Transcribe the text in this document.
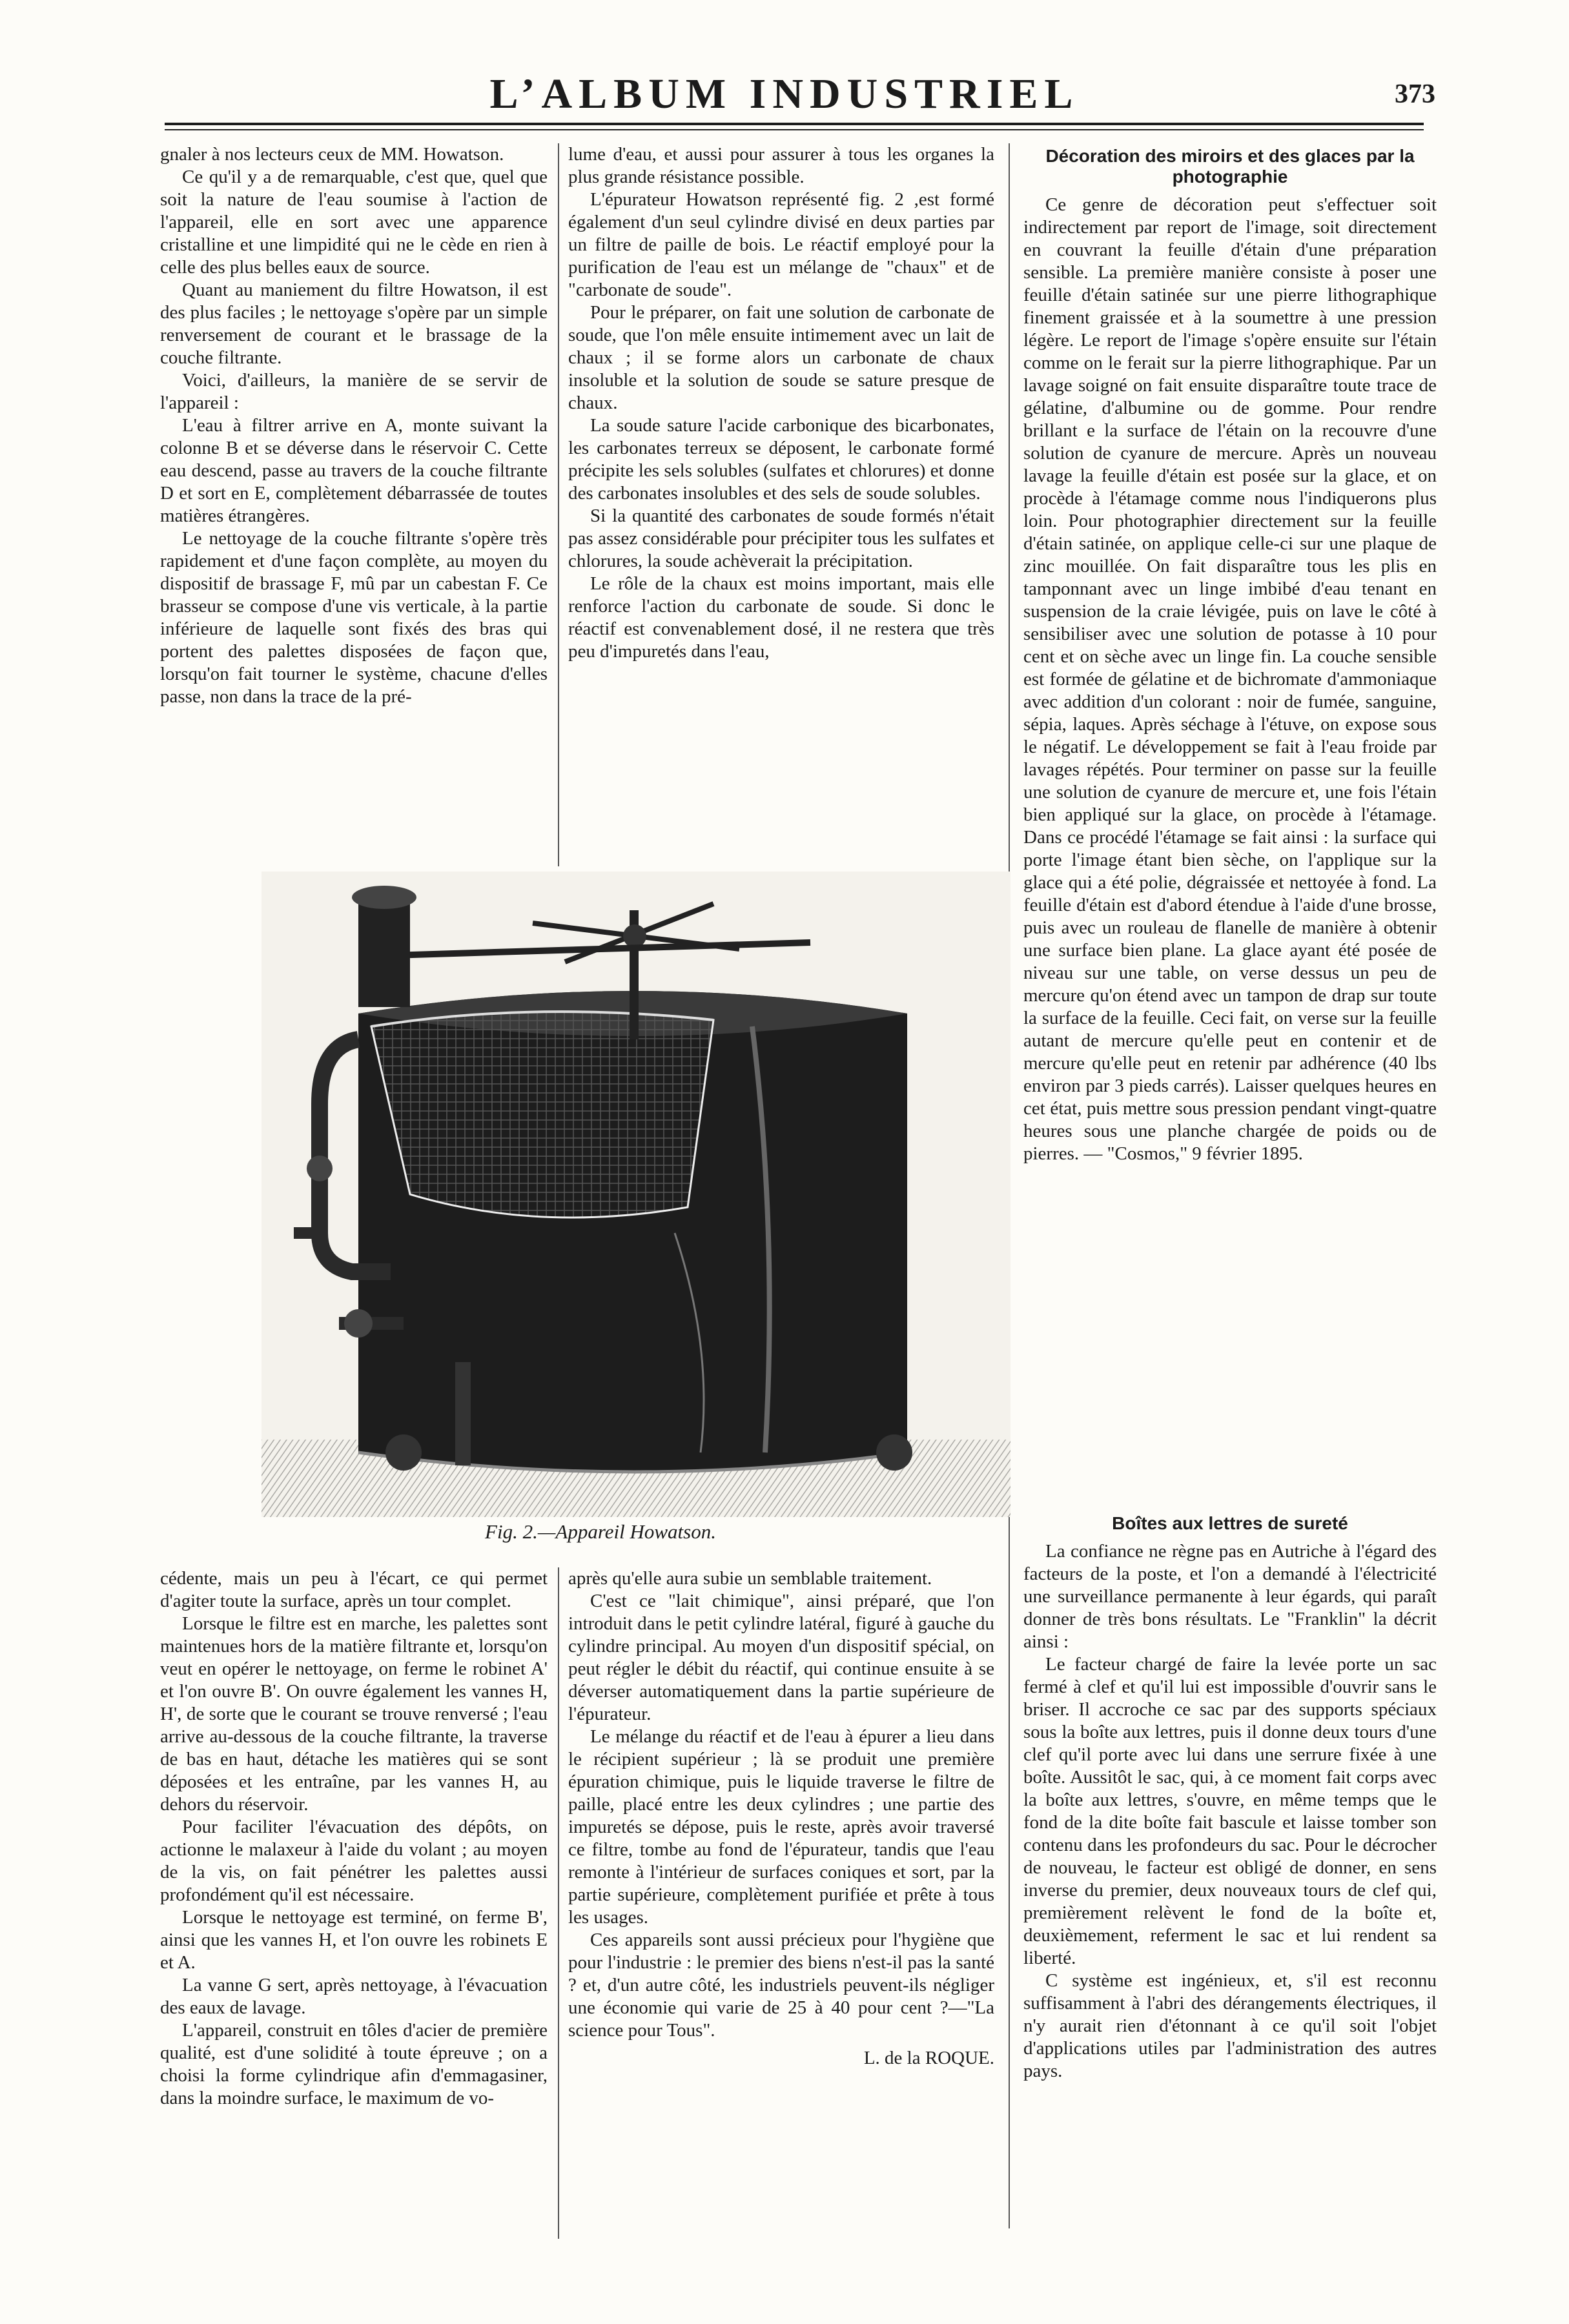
L’ALBUM INDUSTRIEL	373

gnaler à nos lecteurs ceux de MM. Howatson.

Ce qu'il y a de remarquable, c'est que, quel que soit la nature de l'eau soumise à l'action de l'appareil, elle en sort avec une apparence cristalline et une limpidité qui ne le cède en rien à celle des plus belles eaux de source.

Quant au maniement du filtre Howatson, il est des plus faciles ; le nettoyage s'opère par un simple renversement de courant et le brassage de la couche filtrante.

Voici, d'ailleurs, la manière de se servir de l'appareil :

L'eau à filtrer arrive en A, monte suivant la colonne B et se déverse dans le réservoir C. Cette eau descend, passe au travers de la couche filtrante D et sort en E, complètement débarrassée de toutes matières étrangères.

Le nettoyage de la couche filtrante s'opère très rapidement et d'une façon complète, au moyen du dispositif de brassage F, mû par un cabestan F. Ce brasseur se compose d'une vis verticale, à la partie inférieure de laquelle sont fixés des bras qui portent des palettes disposées de façon que, lorsqu'on fait tourner le système, chacune d'elles passe, non dans la trace de la pré-

lume d'eau, et aussi pour assurer à tous les organes la plus grande résistance possible.

L'épurateur Howatson représenté fig. 2 ,est formé également d'un seul cylindre divisé en deux parties par un filtre de paille de bois. Le réactif employé pour la purification de l'eau est un mélange de "chaux" et de "carbonate de soude".

Pour le préparer, on fait une solution de carbonate de soude, que l'on mêle ensuite intimement avec un lait de chaux ; il se forme alors un carbonate de chaux insoluble et la solution de soude se sature presque de chaux.

La soude sature l'acide carbonique des bicarbonates, les carbonates terreux se déposent, le carbonate formé précipite les sels solubles (sulfates et chlorures) et donne des carbonates insolubles et des sels de soude solubles.

Si la quantité des carbonates de soude formés n'était pas assez considérable pour précipiter tous les sulfates et chlorures, la soude achèverait la précipitation.

Le rôle de la chaux est moins important, mais elle renforce l'action du carbonate de soude. Si donc le réactif est convenablement dosé, il ne restera que très peu d'impuretés dans l'eau,

Décoration des miroirs et des glaces par la photographie

Ce genre de décoration peut s'effectuer soit indirectement par report de l'image, soit directement en couvrant la feuille d'étain d'une préparation sensible. La première manière consiste à poser une feuille d'étain satinée sur une pierre lithographique finement graissée et à la soumettre à une pression légère. Le report de l'image s'opère ensuite sur l'étain comme on le ferait sur la pierre lithographique. Par un lavage soigné on fait ensuite disparaître toute trace de gélatine, d'albumine ou de gomme. Pour rendre brillant e la surface de l'étain on la recouvre d'une solution de cyanure de mercure. Après un nouveau lavage la feuille d'étain est posée sur la glace, et on procède à l'étamage comme nous l'indiquerons plus loin. Pour photographier directement sur la feuille d'étain satinée, on applique celle-ci sur une plaque de zinc mouillée. On fait disparaître tous les plis en tamponnant avec un linge imbibé d'eau tenant en suspension de la craie lévigée, puis on lave le côté à sensibiliser avec une solution de potasse à 10 pour cent et on sèche avec un linge fin. La couche sensible est formée de gélatine et de bichromate d'ammoniaque avec addition d'un colorant : noir de fumée, sanguine, sépia, laques. Après séchage à l'étuve, on expose sous le négatif. Le développement se fait à l'eau froide par lavages répétés. Pour terminer on passe sur la feuille une solution de cyanure de mercure et, une fois l'étain bien appliqué sur la glace, on procède à l'étamage. Dans ce procédé l'étamage se fait ainsi : la surface qui porte l'image étant bien sèche, on l'applique sur la glace qui a été polie, dégraissée et nettoyée à fond. La feuille d'étain est d'abord étendue à l'aide d'une brosse, puis avec un rouleau de flanelle de manière à obtenir une surface bien plane. La glace ayant été posée de niveau sur une table, on verse dessus un peu de mercure qu'on étend avec un tampon de drap sur toute la surface de la feuille. Ceci fait, on verse sur la feuille autant de mercure qu'elle peut en contenir et de mercure qu'elle peut en retenir par adhérence (40 lbs environ par 3 pieds carrés). Laisser quelques heures en cet état, puis mettre sous pression pendant vingt-quatre heures sous une planche chargée de poids ou de pierres. — "Cosmos," 9 février 1895.

Fig. 2.—Appareil Howatson.

cédente, mais un peu à l'écart, ce qui permet d'agiter toute la surface, après un tour complet.

Lorsque le filtre est en marche, les palettes sont maintenues hors de la matière filtrante et, lorsqu'on veut en opérer le nettoyage, on ferme le robinet A' et l'on ouvre B'. On ouvre également les vannes H, H', de sorte que le courant se trouve renversé ; l'eau arrive au-dessous de la couche filtrante, la traverse de bas en haut, détache les matières qui se sont déposées et les entraîne, par les vannes H, au dehors du réservoir.

Pour faciliter l'évacuation des dépôts, on actionne le malaxeur à l'aide du volant ; au moyen de la vis, on fait pénétrer les palettes aussi profondément qu'il est nécessaire.

Lorsque le nettoyage est terminé, on ferme B', ainsi que les vannes H, et l'on ouvre les robinets E et A.

La vanne G sert, après nettoyage, à l'évacuation des eaux de lavage.

L'appareil, construit en tôles d'acier de première qualité, est d'une solidité à toute épreuve ; on a choisi la forme cylindrique afin d'emmagasiner, dans la moindre surface, le maximum de vo-

après qu'elle aura subie un semblable traitement.

C'est ce "lait chimique", ainsi préparé, que l'on introduit dans le petit cylindre latéral, figuré à gauche du cylindre principal. Au moyen d'un dispositif spécial, on peut régler le débit du réactif, qui continue ensuite à se déverser automatiquement dans la partie supérieure de l'épurateur.

Le mélange du réactif et de l'eau à épurer a lieu dans le récipient supérieur ; là se produit une première épuration chimique, puis le liquide traverse le filtre de paille, placé entre les deux cylindres ; une partie des impuretés se dépose, puis le reste, après avoir traversé ce filtre, tombe au fond de l'épurateur, tandis que l'eau remonte à l'intérieur de surfaces coniques et sort, par la partie supérieure, complètement purifiée et prête à tous les usages.

Ces appareils sont aussi précieux pour l'hygiène que pour l'industrie : le premier des biens n'est-il pas la santé ? et, d'un autre côté, les industriels peuvent-ils négliger une économie qui varie de 25 à 40 pour cent ?—"La science pour Tous".

L. de la ROQUE.

Boîtes aux lettres de sureté

La confiance ne règne pas en Autriche à l'égard des facteurs de la poste, et l'on a demandé à l'électricité une surveillance permanente à leur égards, qui paraît donner de très bons résultats. Le "Franklin" la décrit ainsi :

Le facteur chargé de faire la levée porte un sac fermé à clef et qu'il lui est impossible d'ouvrir sans le briser. Il accroche ce sac par des supports spéciaux sous la boîte aux lettres, puis il donne deux tours d'une clef qu'il porte avec lui dans une serrure fixée à une boîte. Aussitôt le sac, qui, à ce moment fait corps avec la boîte aux lettres, s'ouvre, en même temps que le fond de la dite boîte fait bascule et laisse tomber son contenu dans les profondeurs du sac. Pour le décrocher de nouveau, le facteur est obligé de donner, en sens inverse du premier, deux nouveaux tours de clef qui, premièrement relèvent le fond de la boîte et, deuxièmement, referment le sac et lui rendent sa liberté.

C système est ingénieux, et, s'il est reconnu suffisamment à l'abri des dérangements électriques, il n'y aurait rien d'étonnant à ce qu'il soit l'objet d'applications utiles par l'administration des autres pays.
